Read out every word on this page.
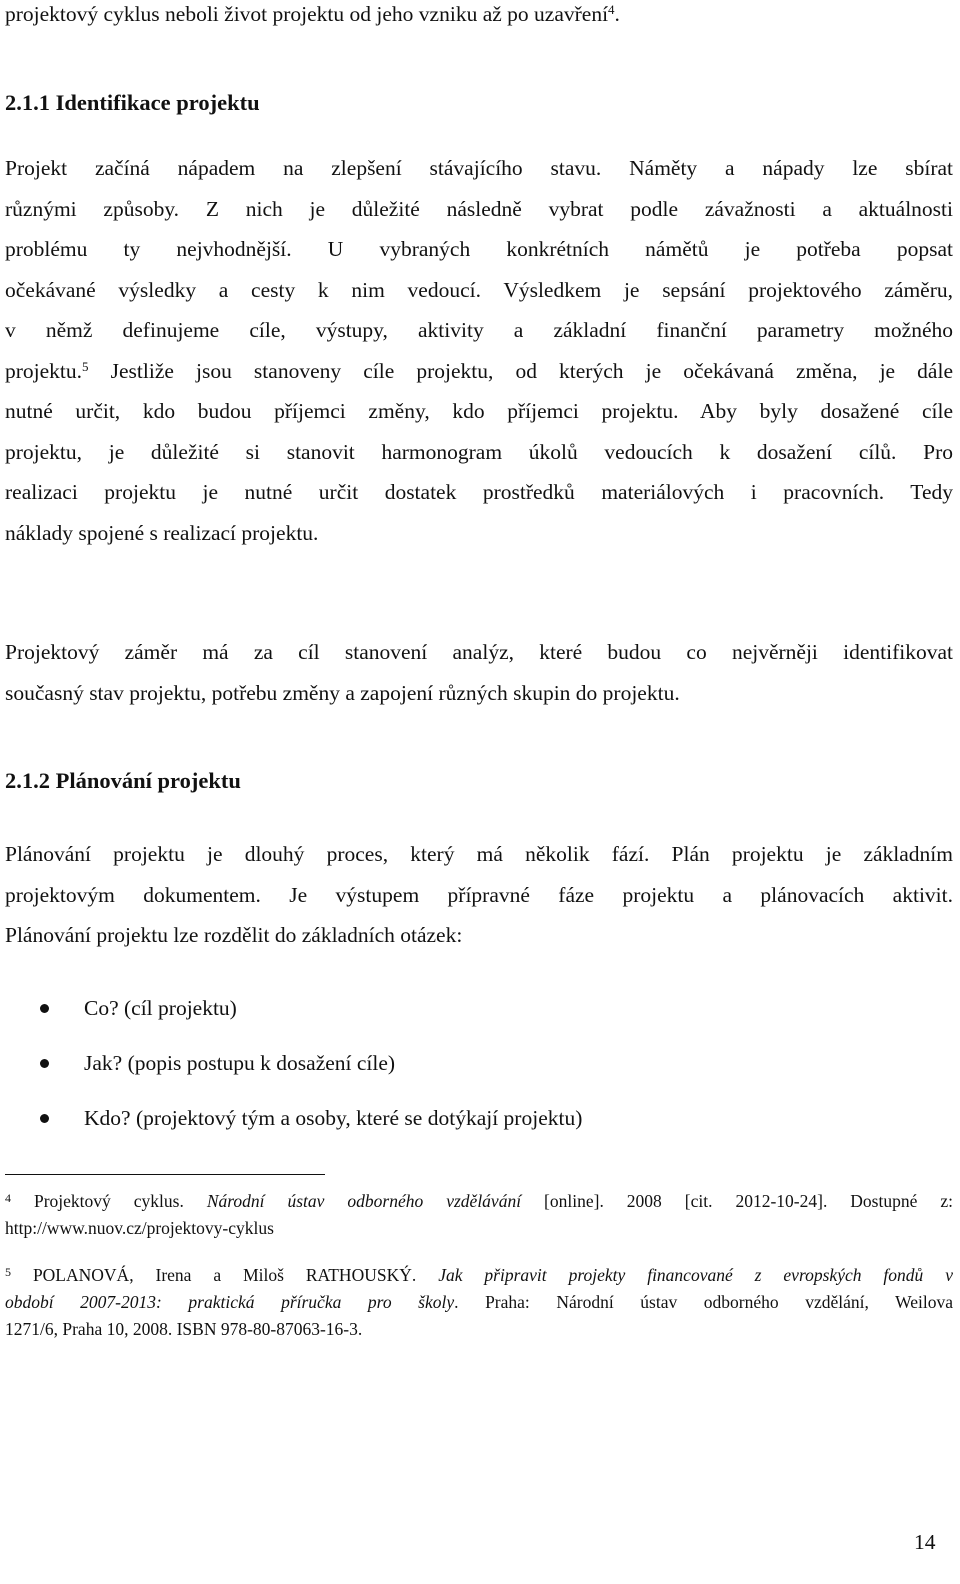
projektový cyklus neboli život projektu od jeho vzniku až po uzavření$^4$.

2.1.1 Identifikace projektu
Projekt začíná nápadem na zlepšení stávajícího stavu. Náměty a nápady lze sbírat
různými způsoby. Z nich je důležité následně vybrat podle závažnosti a aktuálnosti
problému ty nejvhodnější. U vybraných konkrétních námětů je potřeba popsat
očekávané výsledky a cesty k nim vedoucí. Výsledkem je sepsání projektového záměru,
v němž definujeme cíle, výstupy, aktivity a základní finanční parametry možného
projektu.$^5$ Jestliže jsou stanoveny cíle projektu, od kterých je očekávaná změna, je dále
nutné určit, kdo budou příjemci změny, kdo příjemci projektu. Aby byly dosažené cíle
projektu, je důležité si stanovit harmonogram úkolů vedoucích k dosažení cílů. Pro
realizaci projektu je nutné určit dostatek prostředků materiálových i pracovních. Tedy
náklady spojené s realizací projektu.
Projektový záměr má za cíl stanovení analýz, které budou co nejvěrněji identifikovat
současný stav projektu, potřebu změny a zapojení různých skupin do projektu.
2.1.2 Plánování projektu
Plánování projektu je dlouhý proces, který má několik fází. Plán projektu je základním
projektovým dokumentem. Je výstupem přípravné fáze projektu a plánovacích aktivit.
Plánování projektu lze rozdělit do základních otázek:
Co? (cíl projektu)
Jak? (popis postupu k dosažení cíle)
Kdo? (projektový tým a osoby, které se dotýkají projektu)
$^4$ Projektový cyklus. Národní ústav odborného vzdělávání [online]. 2008 [cit. 2012-10-24]. Dostupné z:
http://www.nuov.cz/projektovy-cyklus
$^5$ POLANOVÁ, Irena a Miloš RATHOUSKÝ. Jak připravit projekty financované z evropských fondů v
období 2007-2013: praktická příručka pro školy. Praha: Národní ústav odborného vzdělání, Weilova
1271/6, Praha 10, 2008. ISBN 978-80-87063-16-3.
14
